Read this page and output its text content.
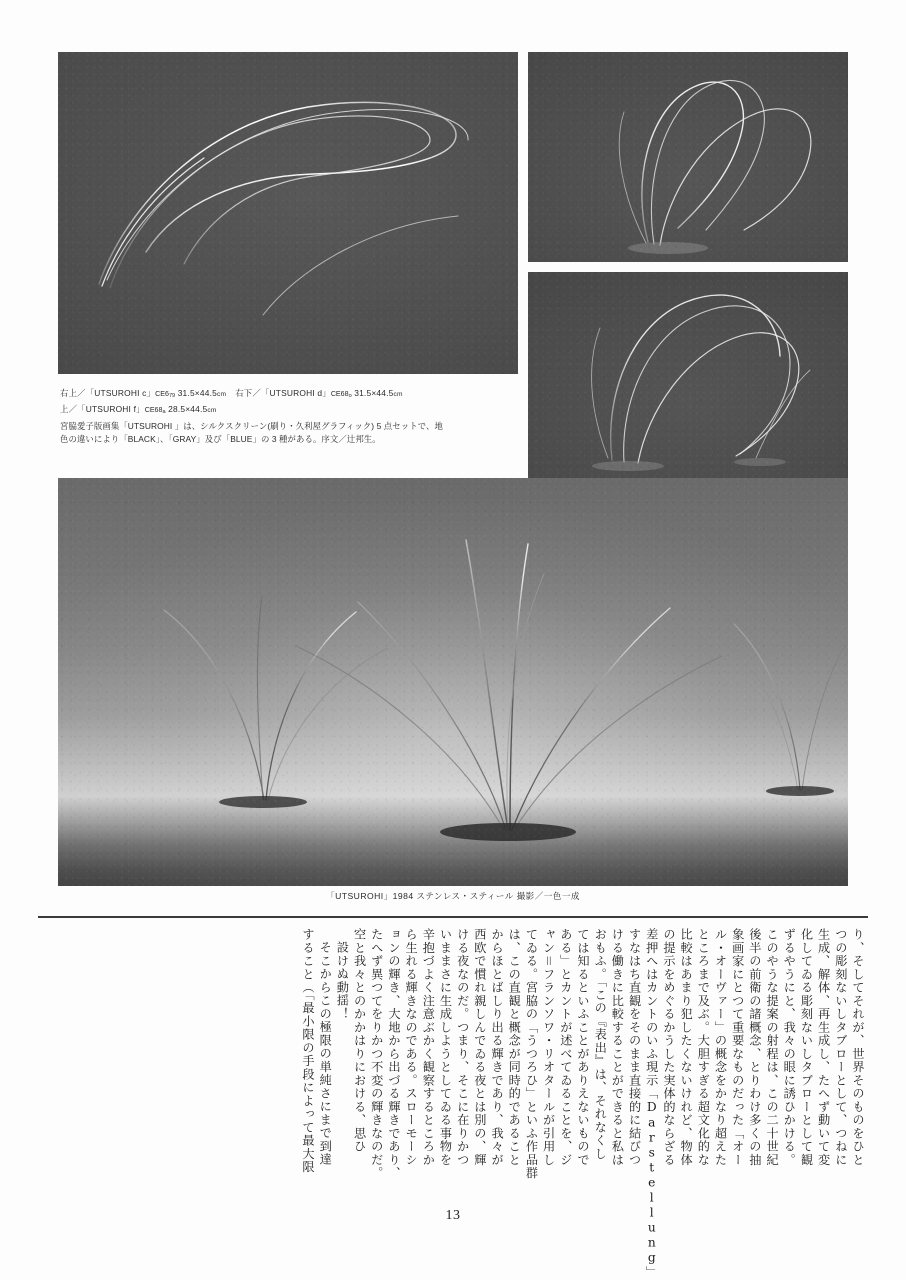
右上／「UTSUROHI c」CE679 31.5×44.5cm 右下／「UTSUROHI d」CE68o 31.5×44.5cm
上／「UTSUROHI f」CE68a 28.5×44.5cm
宮脇愛子版画集「UTSUROHI 」は、シルクスクリーン(刷り・久利屋グラフィック) 5 点セットで、地
色の違いにより「BLACK」、「GRAY」及び「BLUE」の 3 種がある。序文／辻邦生。
「UTSUROHI」1984 ステンレス・スティール 撮影／一色一成
り、そしてそれが、世界そのものをひと
つの彫刻ないしタブローとして、つねに
生成、解体、再生成し、たへず動いて変
化してゐる彫刻ないしタブローとして観
ずるやうにと、我々の眼に誘ひかける。
このやうな提案の射程は、この二十世紀
後半の前衛の諸概念、とりわけ多くの抽
象画家にとつて重要なものだった「オー
ル・オーヴァー」の概念をかなり超えた
ところまで及ぶ。大胆すぎる超文化的な
比較はあまり犯したくないけれど、物体
の提示をめぐるかうした実体的ならざる
差押へはカントのいふ現示「Darstellung」
すなはち直観をそのまま直接的に結びつ
ける働きに比較することができると私は
おもふ。「この『表出』は、それなくし
ては知るといふことがありえないもので
ある」とカントが述べてゐることを、ジ
ャン＝フランソワ・リオタールが引用し
てゐる。宮脇の「うつろひ」といふ作品群
は、この直観と概念が同時的であること
からほとばしり出る輝きであり、我々が
西欧で慣れ親しんでゐる夜とは別の、輝
ける夜なのだ。つまり、そこに在りかつ
いままさに生成しようとしてゐる事物を
辛抱づよく注意ぶかく観察するところか
ら生れる輝きなのである。スローモーシ
ョンの輝き、大地から出づる輝きであり、
たへず異つてをりかつ不変の輝きなのだ。
空と我々とのかかはりにおける、思ひ
設けぬ動揺！
そこからこの極限の単純さにまで到達
すること（「最小限の手段によって最大限
13
